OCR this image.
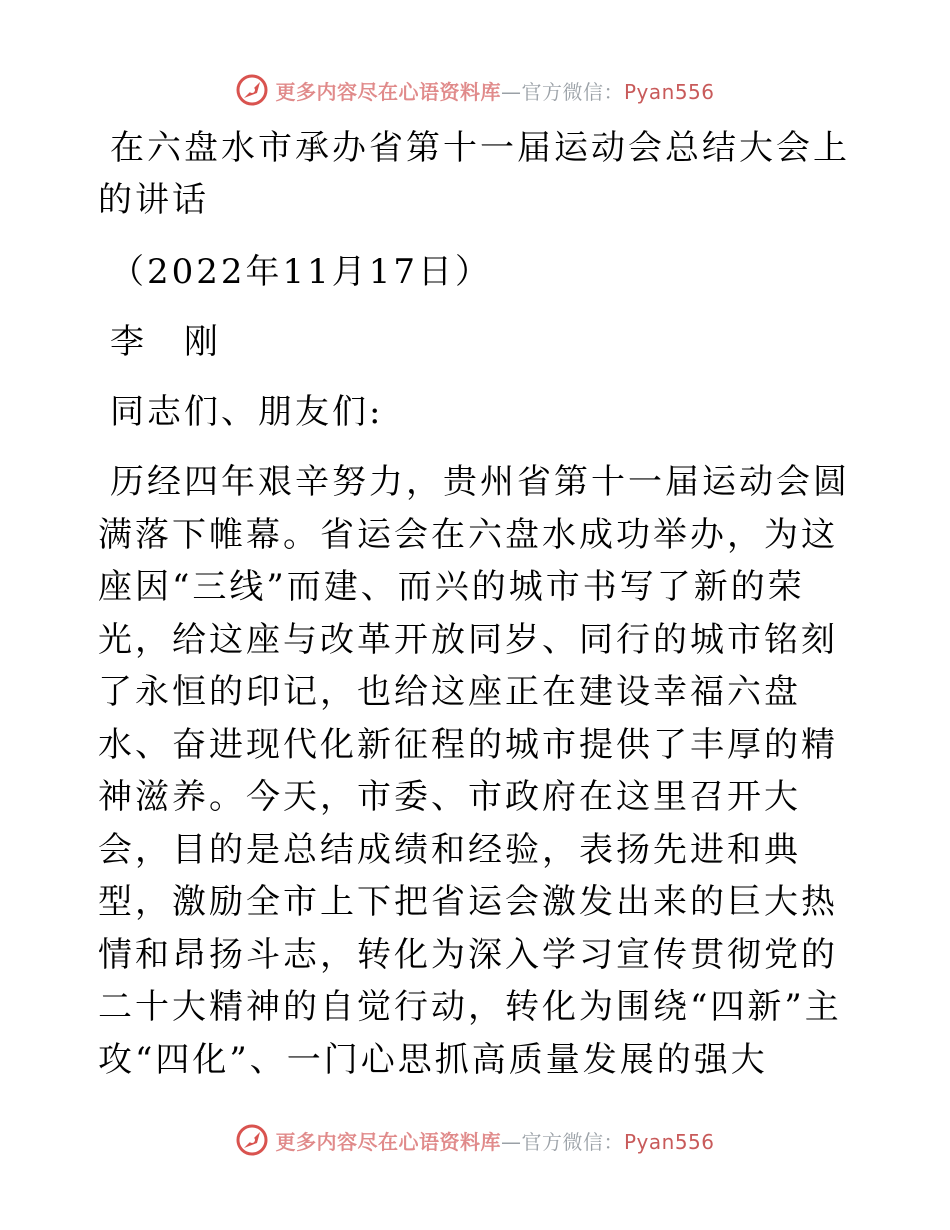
更多内容尽在心语资料库—官方微信：Pyan556

在六盘水市承办省第十一届运动会总结大会上的讲话

（2022年11月17日）

李　刚

同志们、朋友们:

历经四年艰辛努力，贵州省第十一届运动会圆满落下帷幕。省运会在六盘水成功举办，为这座因“三线”而建、而兴的城市书写了新的荣光，给这座与改革开放同岁、同行的城市铭刻了永恒的印记，也给这座正在建设幸福六盘水、奋进现代化新征程的城市提供了丰厚的精神滋养。今天，市委、市政府在这里召开大会，目的是总结成绩和经验，表扬先进和典型，激励全市上下把省运会激发出来的巨大热情和昂扬斗志，转化为深入学习宣传贯彻党的二十大精神的自觉行动，转化为围绕“四新”主攻“四化”、一门心思抓高质量发展的强大

更多内容尽在心语资料库—官方微信：Pyan556
